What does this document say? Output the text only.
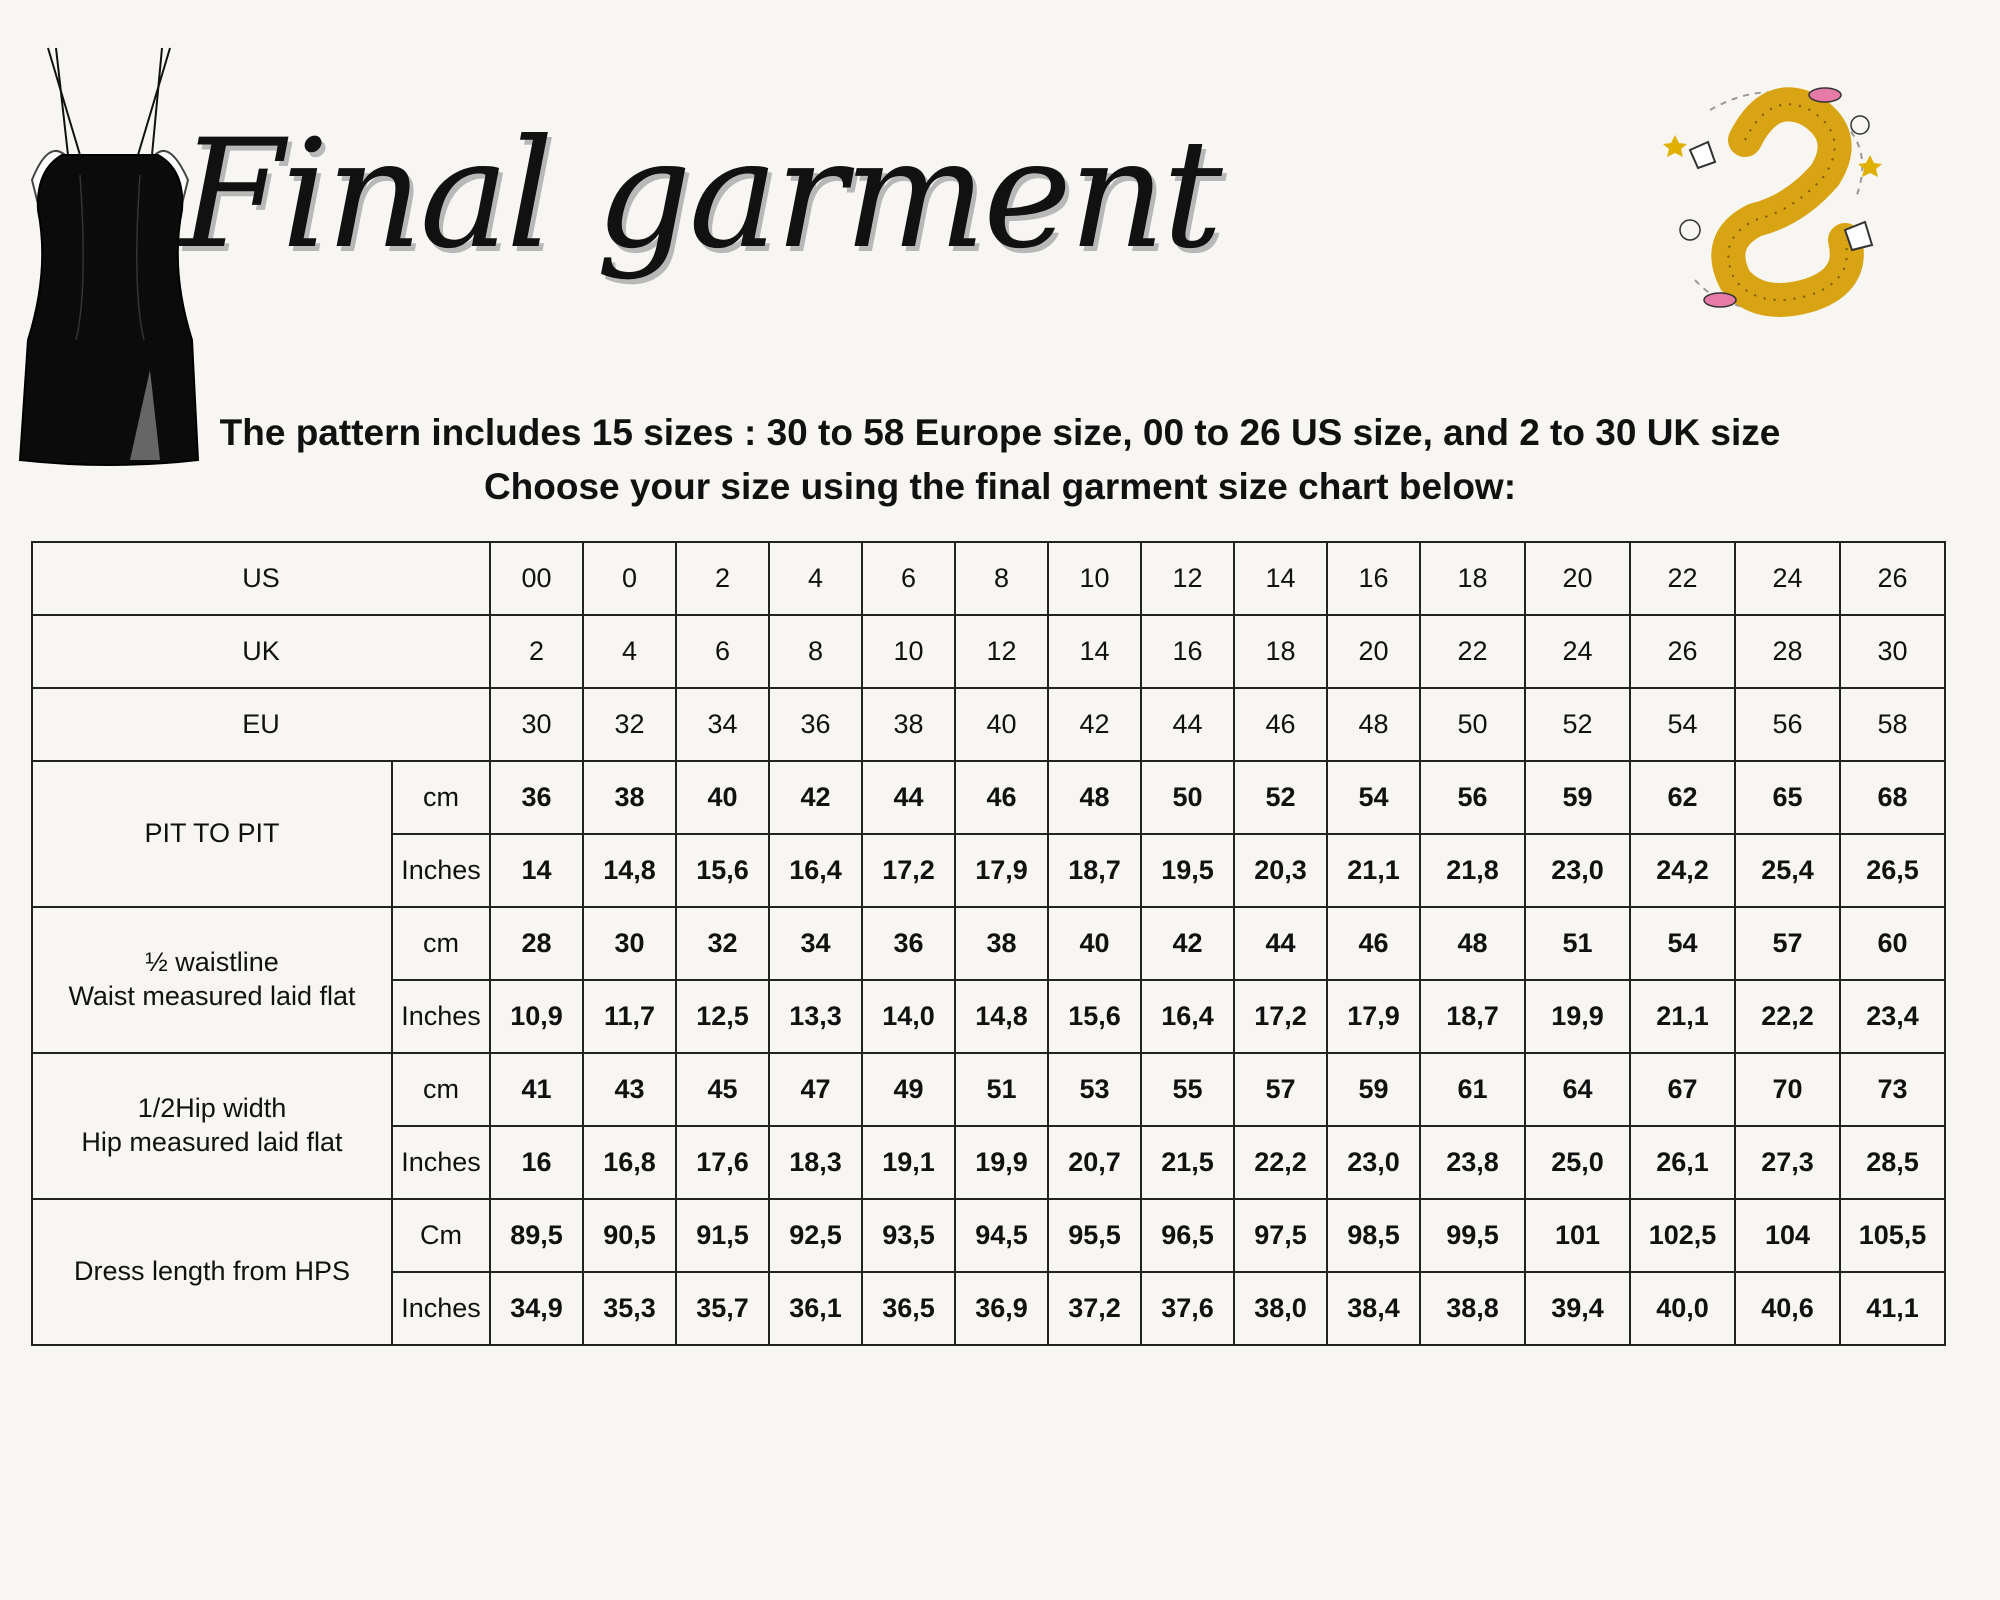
Final garment
The pattern includes 15 sizes : 30 to 58 Europe size, 00 to 26 US size, and 2 to 30 UK size
Choose your size using the final garment size chart below:
US		00	0	2	4	6	8	10	12	14	16	18	20	22	24	26
UK		2	4	6	8	10	12	14	16	18	20	22	24	26	28	30
EU		30	32	34	36	38	40	42	44	46	48	50	52	54	56	58

PIT TO PIT	cm	36	38	40	42	44	46	48	50	52	54	56	59	62	65	68
	Inches	14	14,8	15,6	16,4	17,2	17,9	18,7	19,5	20,3	21,1	21,8	23,0	24,2	25,4	26,5

½ waistline
Waist measured laid flat	cm	28	30	32	34	36	38	40	42	44	46	48	51	54	57	60
	Inches	10,9	11,7	12,5	13,3	14,0	14,8	15,6	16,4	17,2	17,9	18,7	19,9	21,1	22,2	23,4

1/2Hip width
Hip measured laid flat	cm	41	43	45	47	49	51	53	55	57	59	61	64	67	70	73
	Inches	16	16,8	17,6	18,3	19,1	19,9	20,7	21,5	22,2	23,0	23,8	25,0	26,1	27,3	28,5

Dress length from HPS	Cm	89,5	90,5	91,5	92,5	93,5	94,5	95,5	96,5	97,5	98,5	99,5	101	102,5	104	105,5
	Inches	34,9	35,3	35,7	36,1	36,5	36,9	37,2	37,6	38,0	38,4	38,8	39,4	40,0	40,6	41,1
